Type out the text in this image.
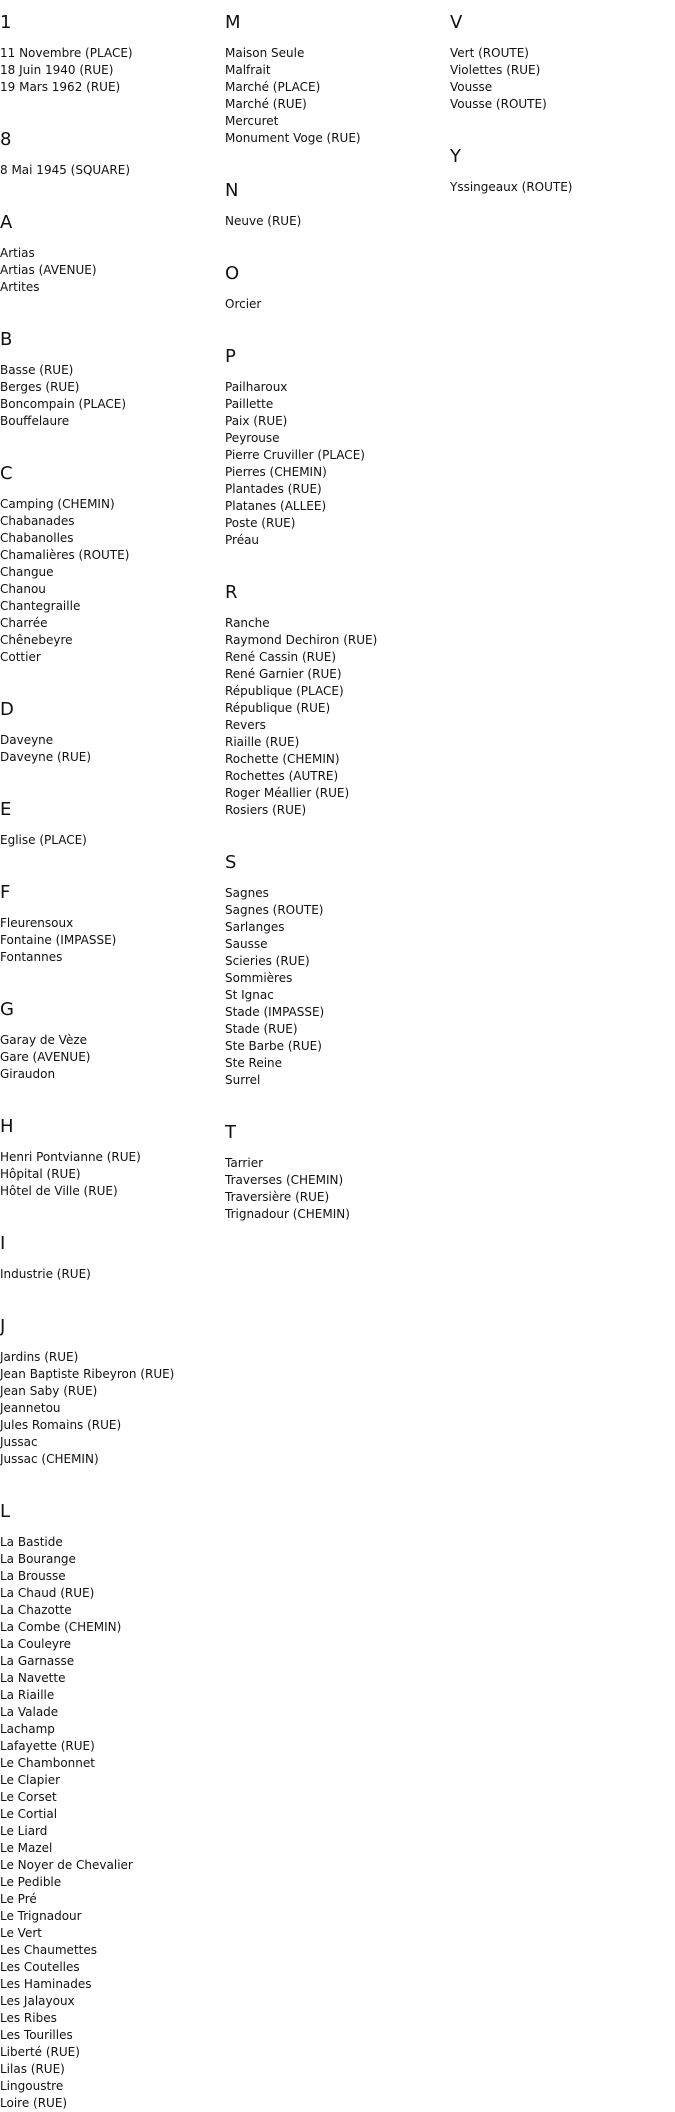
1
11 Novembre (PLACE)
18 Juin 1940 (RUE)
19 Mars 1962 (RUE)
8
8 Mai 1945 (SQUARE)
A
Artias
Artias (AVENUE)
Artites
B
Basse (RUE)
Berges (RUE)
Boncompain (PLACE)
Bouffelaure
C
Camping (CHEMIN)
Chabanades
Chabanolles
Chamalières (ROUTE)
Changue
Chanou
Chantegraille
Charrée
Chênebeyre
Cottier
D
Daveyne
Daveyne (RUE)
E
Eglise (PLACE)
F
Fleurensoux
Fontaine (IMPASSE)
Fontannes
G
Garay de Vèze
Gare (AVENUE)
Giraudon
H
Henri Pontvianne (RUE)
Hôpital (RUE)
Hôtel de Ville (RUE)
I
Industrie (RUE)
J
Jardins (RUE)
Jean Baptiste Ribeyron (RUE)
Jean Saby (RUE)
Jeannetou
Jules Romains (RUE)
Jussac
Jussac (CHEMIN)
L
La Bastide
La Bourange
La Brousse
La Chaud (RUE)
La Chazotte
La Combe (CHEMIN)
La Couleyre
La Garnasse
La Navette
La Riaille
La Valade
Lachamp
Lafayette (RUE)
Le Chambonnet
Le Clapier
Le Corset
Le Cortial
Le Liard
Le Mazel
Le Noyer de Chevalier
Le Pedible
Le Pré
Le Trignadour
Le Vert
Les Chaumettes
Les Coutelles
Les Haminades
Les Jalayoux
Les Ribes
Les Tourilles
Liberté (RUE)
Lilas (RUE)
Lingoustre
Loire (RUE)
M
Maison Seule
Malfrait
Marché (PLACE)
Marché (RUE)
Mercuret
Monument Voge (RUE)
N
Neuve (RUE)
O
Orcier
P
Pailharoux
Paillette
Paix (RUE)
Peyrouse
Pierre Cruviller (PLACE)
Pierres (CHEMIN)
Plantades (RUE)
Platanes (ALLEE)
Poste (RUE)
Préau
R
Ranche
Raymond Dechiron (RUE)
René Cassin (RUE)
René Garnier (RUE)
République (PLACE)
République (RUE)
Revers
Riaille (RUE)
Rochette (CHEMIN)
Rochettes (AUTRE)
Roger Méallier (RUE)
Rosiers (RUE)
S
Sagnes
Sagnes (ROUTE)
Sarlanges
Sausse
Scieries (RUE)
Sommières
St Ignac
Stade (IMPASSE)
Stade (RUE)
Ste Barbe (RUE)
Ste Reine
Surrel
T
Tarrier
Traverses (CHEMIN)
Traversière (RUE)
Trignadour (CHEMIN)
V
Vert (ROUTE)
Violettes (RUE)
Vousse
Vousse (ROUTE)
Y
Yssingeaux (ROUTE)
